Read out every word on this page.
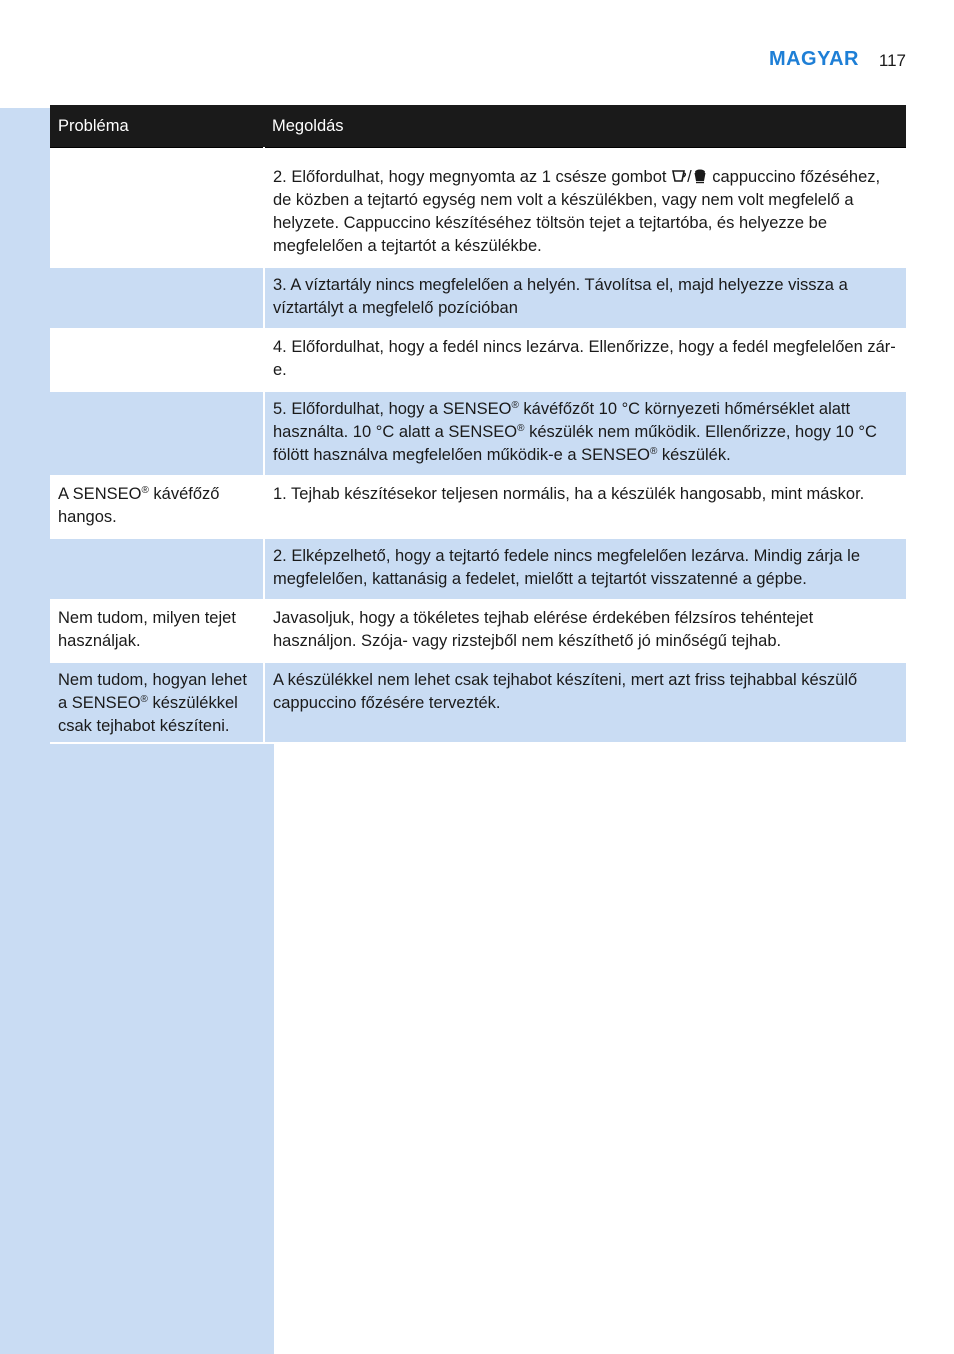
MAGYAR 117
Probléma	Megoldás
	2. Előfordulhat, hogy megnyomta az 1 csésze gombot / cappuccino főzéséhez, de közben a tejtartó egység nem volt a készülékben, vagy nem volt megfelelő a helyzete. Cappuccino készítéséhez töltsön tejet a tejtartóba, és helyezze be megfelelően a tejtartót a készülékbe.
	3. A víztartály nincs megfelelően a helyén. Távolítsa el, majd helyezze vissza a víztartályt a megfelelő pozícióban
	4. Előfordulhat, hogy a fedél nincs lezárva. Ellenőrizze, hogy a fedél megfelelően zár-e.
	5. Előfordulhat, hogy a SENSEO® kávéfőzőt 10 °C környezeti hőmérséklet alatt használta. 10 °C alatt a SENSEO® készülék nem működik. Ellenőrizze, hogy 10 °C fölött használva megfelelően működik-e a SENSEO® készülék.
A SENSEO® kávéfőző hangos.	1. Tejhab készítésekor teljesen normális, ha a készülék hangosabb, mint máskor.
	2. Elképzelhető, hogy a tejtartó fedele nincs megfelelően lezárva. Mindig zárja le megfelelően, kattanásig a fedelet, mielőtt a tejtartót visszatenné a gépbe.
Nem tudom, milyen tejet használjak.	Javasoljuk, hogy a tökéletes tejhab elérése érdekében félzsíros tehéntejet használjon. Szója- vagy rizstejből nem készíthető jó minőségű tejhab.
Nem tudom, hogyan lehet a SENSEO® készülékkel csak tejhabot készíteni.	A készülékkel nem lehet csak tejhabot készíteni, mert azt friss tejhabbal készülő cappuccino főzésére tervezték.
